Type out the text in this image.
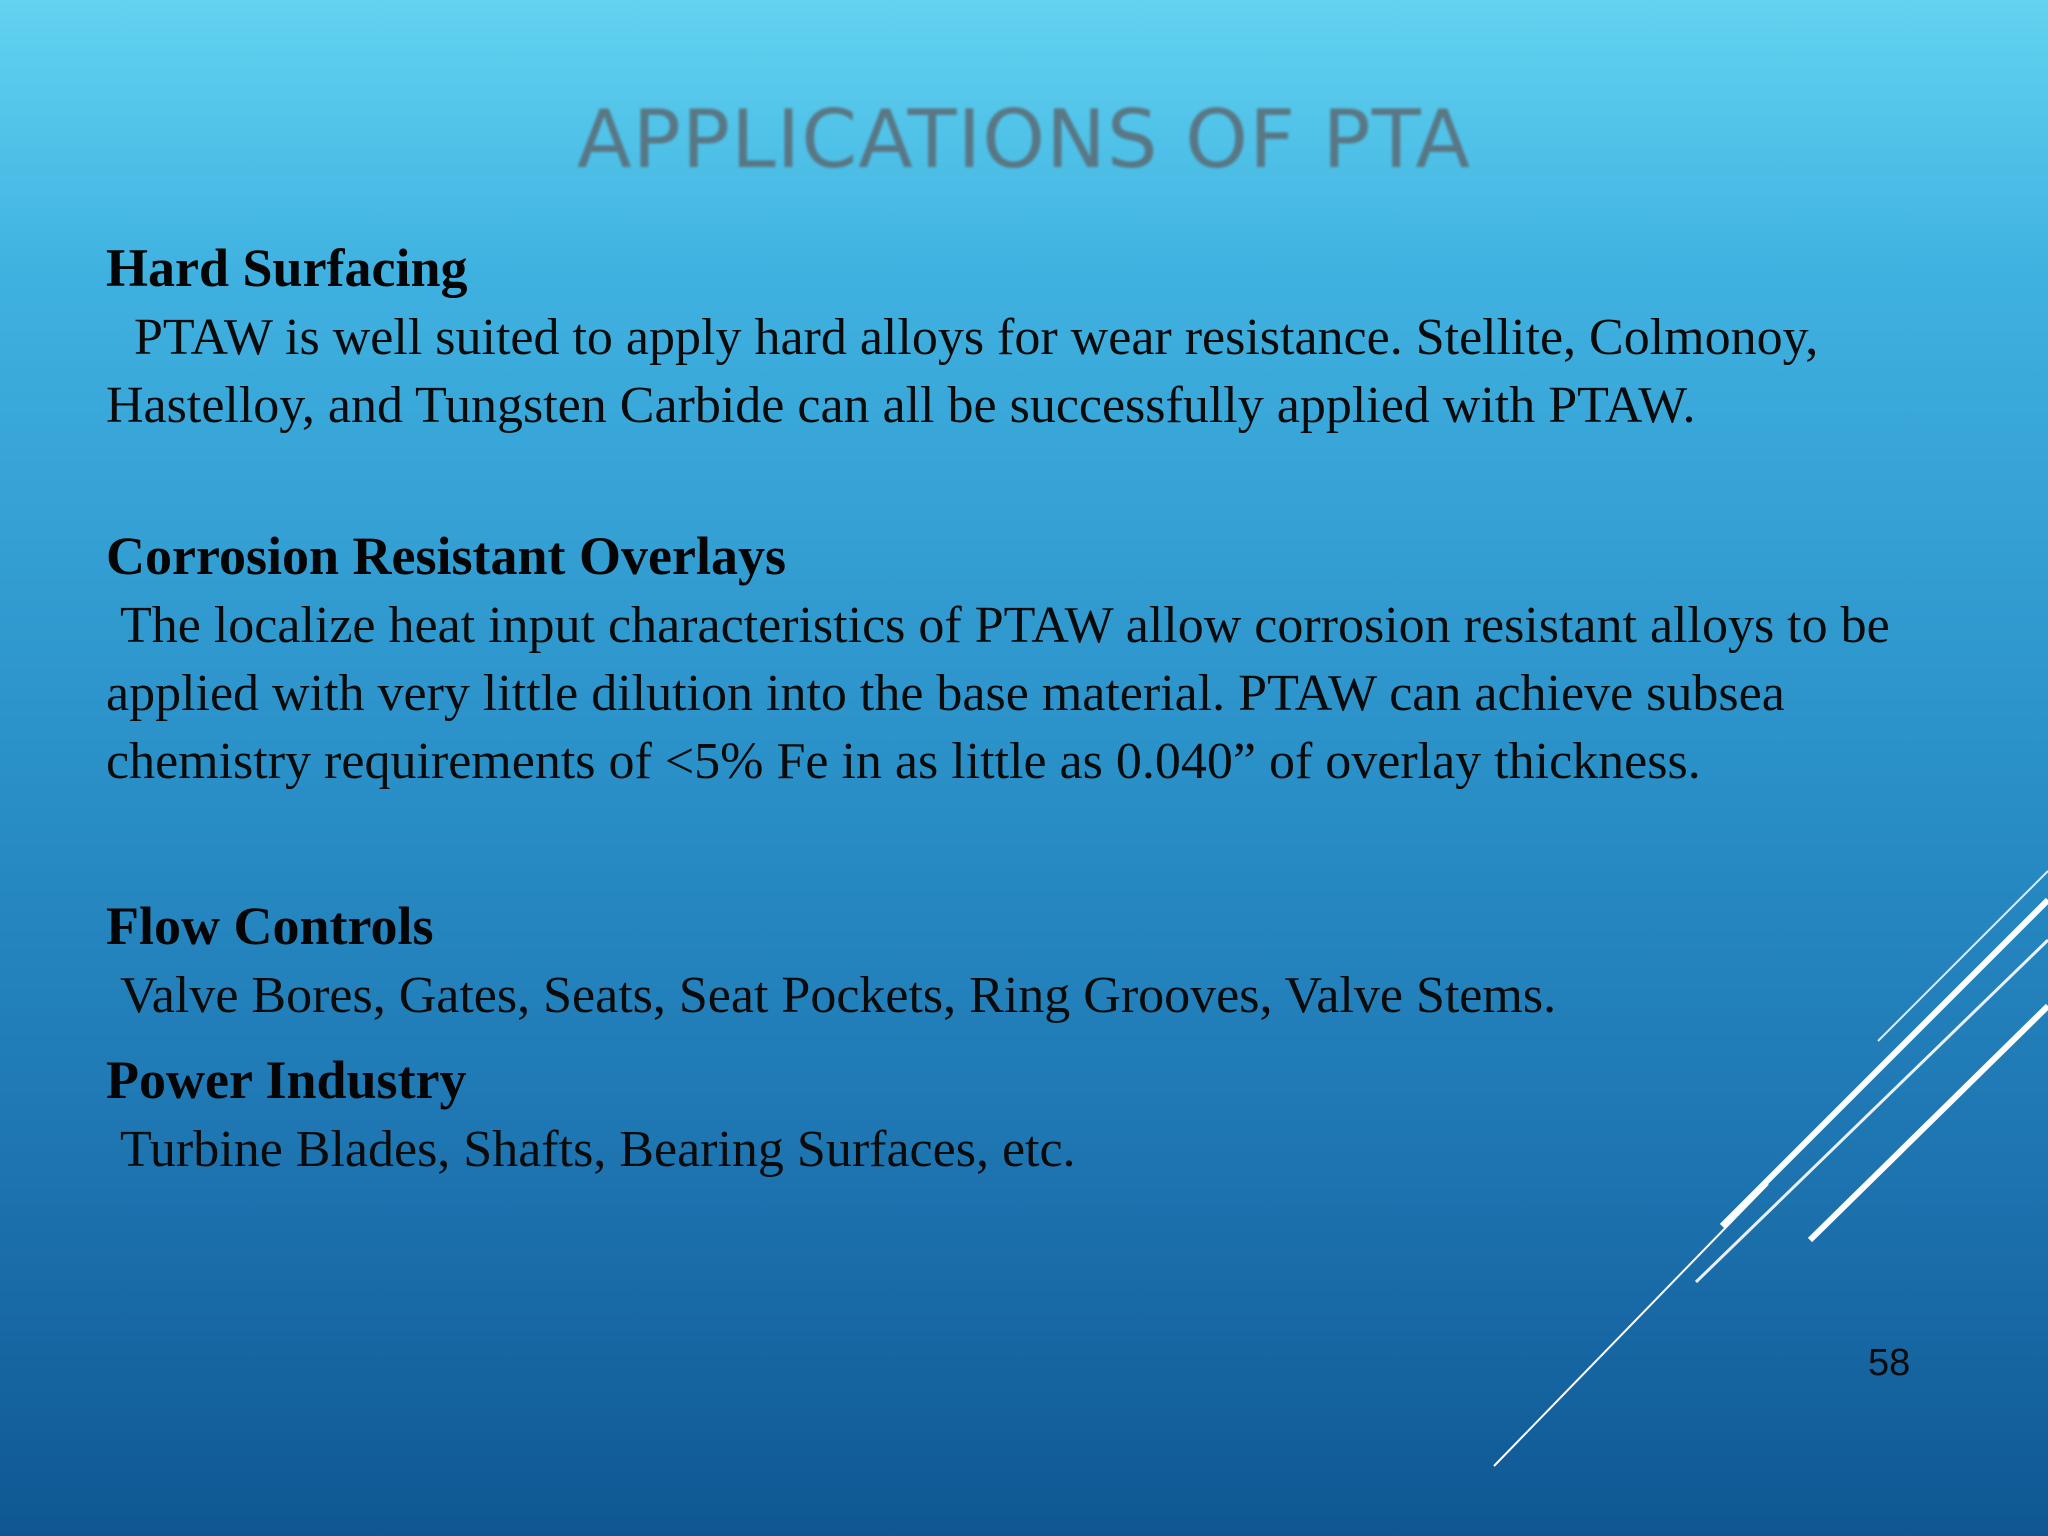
APPLICATIONS OF PTA

Hard Surfacing

PTAW is well suited to apply hard alloys for wear resistance. Stellite, Colmonoy, Hastelloy, and Tungsten Carbide can all be successfully applied with PTAW.

Corrosion Resistant Overlays

The localize heat input characteristics of PTAW allow corrosion resistant alloys to be applied with very little dilution into the base material. PTAW can achieve subsea chemistry requirements of <5% Fe in as little as 0.040” of overlay thickness.

Flow Controls

Valve Bores, Gates, Seats, Seat Pockets, Ring Grooves, Valve Stems.

Power Industry

Turbine Blades, Shafts, Bearing Surfaces, etc.

58
